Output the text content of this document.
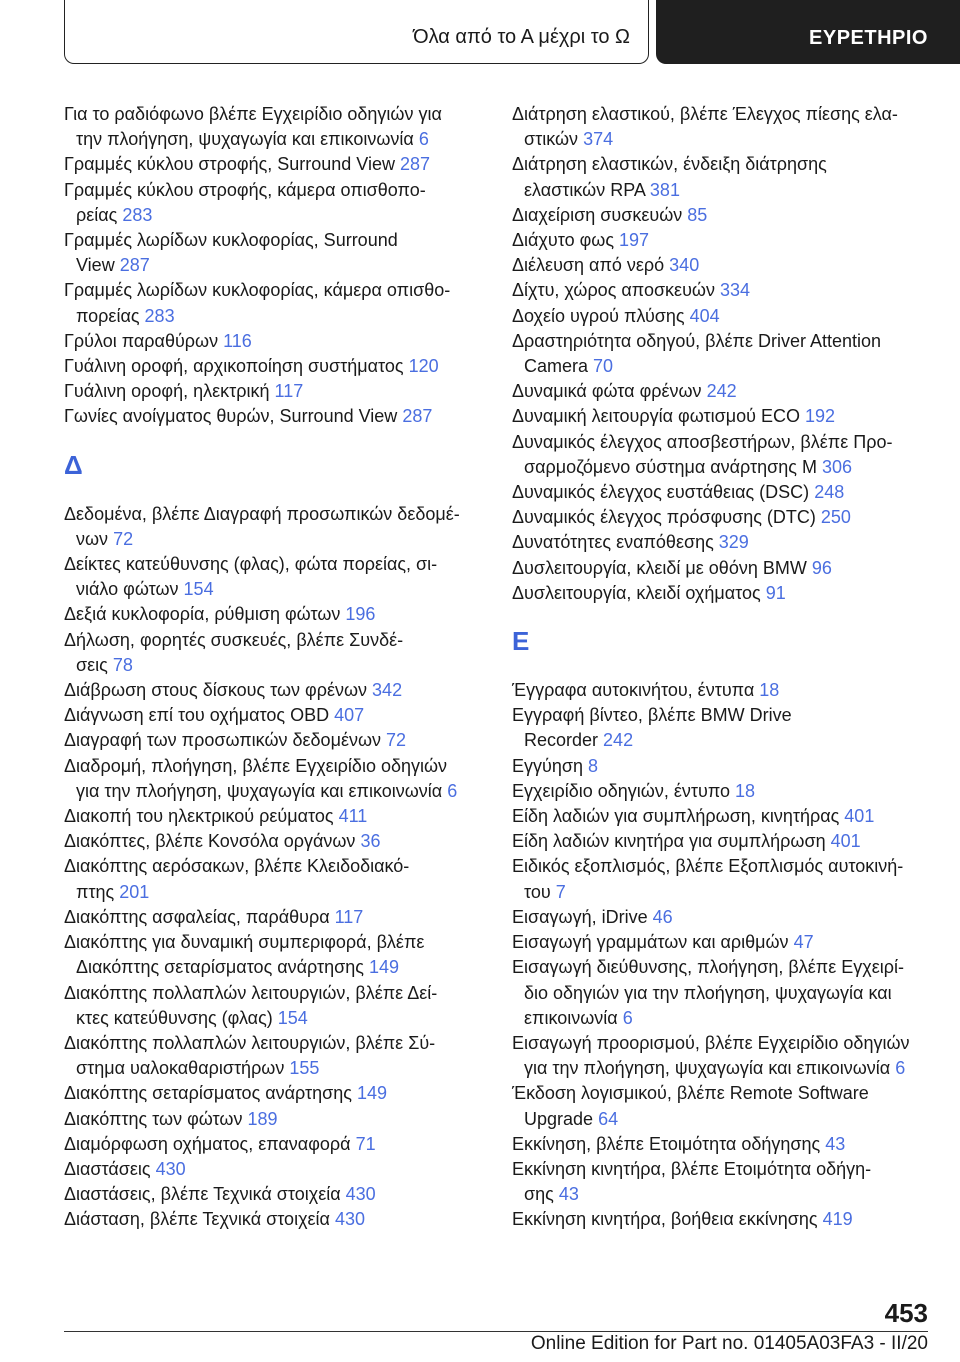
Όλα από το Α μέχρι το Ω	ΕΥΡΕΤΗΡΙΟ

Για το ραδιόφωνο βλέπε Εγχειρίδιο οδηγιών για
την πλοήγηση, ψυχαγωγία και επικοινωνία 6

Γραμμές κύκλου στροφής, Surround View 287

Γραμμές κύκλου στροφής, κάμερα οπισθοπο-
ρείας 283

Γραμμές λωρίδων κυκλοφορίας, Surround
View 287

Γραμμές λωρίδων κυκλοφορίας, κάμερα οπισθο-
πορείας 283

Γρύλοι παραθύρων 116

Γυάλινη οροφή, αρχικοποίηση συστήματος 120

Γυάλινη οροφή, ηλεκτρική 117

Γωνίες ανοίγματος θυρών, Surround View 287

Δ

Δεδομένα, βλέπε Διαγραφή προσωπικών δεδομέ-
νων 72

Δείκτες κατεύθυνσης (φλας), φώτα πορείας, σι-
νιάλο φώτων 154

Δεξιά κυκλοφορία, ρύθμιση φώτων 196

Δήλωση, φορητές συσκευές, βλέπε Συνδέ-
σεις 78

Διάβρωση στους δίσκους των φρένων 342

Διάγνωση επί του οχήματος OBD 407

Διαγραφή των προσωπικών δεδομένων 72

Διαδρομή, πλοήγηση, βλέπε Εγχειρίδιο οδηγιών
για την πλοήγηση, ψυχαγωγία και επικοινωνία 6

Διακοπή του ηλεκτρικού ρεύματος 411

Διακόπτες, βλέπε Κονσόλα οργάνων 36

Διακόπτης αερόσακων, βλέπε Κλειδοδιακό-
πτης 201

Διακόπτης ασφαλείας, παράθυρα 117

Διακόπτης για δυναμική συμπεριφορά, βλέπε
Διακόπτης σεταρίσματος ανάρτησης 149

Διακόπτης πολλαπλών λειτουργιών, βλέπε Δεί-
κτες κατεύθυνσης (φλας) 154

Διακόπτης πολλαπλών λειτουργιών, βλέπε Σύ-
στημα υαλοκαθαριστήρων 155

Διακόπτης σεταρίσματος ανάρτησης 149

Διακόπτης των φώτων 189

Διαμόρφωση οχήματος, επαναφορά 71

Διαστάσεις 430

Διαστάσεις, βλέπε Τεχνικά στοιχεία 430

Διάσταση, βλέπε Τεχνικά στοιχεία 430

Διάτρηση ελαστικού, βλέπε Έλεγχος πίεσης ελα-
στικών 374

Διάτρηση ελαστικών, ένδειξη διάτρησης
ελαστικών RPA 381

Διαχείριση συσκευών 85

Διάχυτο φως 197

Διέλευση από νερό 340

Δίχτυ, χώρος αποσκευών 334

Δοχείο υγρού πλύσης 404

Δραστηριότητα οδηγού, βλέπε Driver Attention
Camera 70

Δυναμικά φώτα φρένων 242

Δυναμική λειτουργία φωτισμού ECO 192

Δυναμικός έλεγχος αποσβεστήρων, βλέπε Προ-
σαρμοζόμενο σύστημα ανάρτησης M 306

Δυναμικός έλεγχος ευστάθειας (DSC) 248

Δυναμικός έλεγχος πρόσφυσης (DTC) 250

Δυνατότητες εναπόθεσης 329

Δυσλειτουργία, κλειδί με οθόνη BMW 96

Δυσλειτουργία, κλειδί οχήματος 91

Ε

Έγγραφα αυτοκινήτου, έντυπα 18

Εγγραφή βίντεο, βλέπε BMW Drive
Recorder 242

Εγγύηση 8

Εγχειρίδιο οδηγιών, έντυπο 18

Είδη λαδιών για συμπλήρωση, κινητήρας 401

Είδη λαδιών κινητήρα για συμπλήρωση 401

Ειδικός εξοπλισμός, βλέπε Εξοπλισμός αυτοκινή-
του 7

Εισαγωγή, iDrive 46

Εισαγωγή γραμμάτων και αριθμών 47

Εισαγωγή διεύθυνσης, πλοήγηση, βλέπε Εγχειρί-
διο οδηγιών για την πλοήγηση, ψυχαγωγία και
επικοινωνία 6

Εισαγωγή προορισμού, βλέπε Εγχειρίδιο οδηγιών
για την πλοήγηση, ψυχαγωγία και επικοινωνία 6

Έκδοση λογισμικού, βλέπε Remote Software
Upgrade 64

Εκκίνηση, βλέπε Ετοιμότητα οδήγησης 43

Εκκίνηση κινητήρα, βλέπε Ετοιμότητα οδήγη-
σης 43

Εκκίνηση κινητήρα, βοήθεια εκκίνησης 419

453
Online Edition for Part no. 01405A03FA3 - II/20
